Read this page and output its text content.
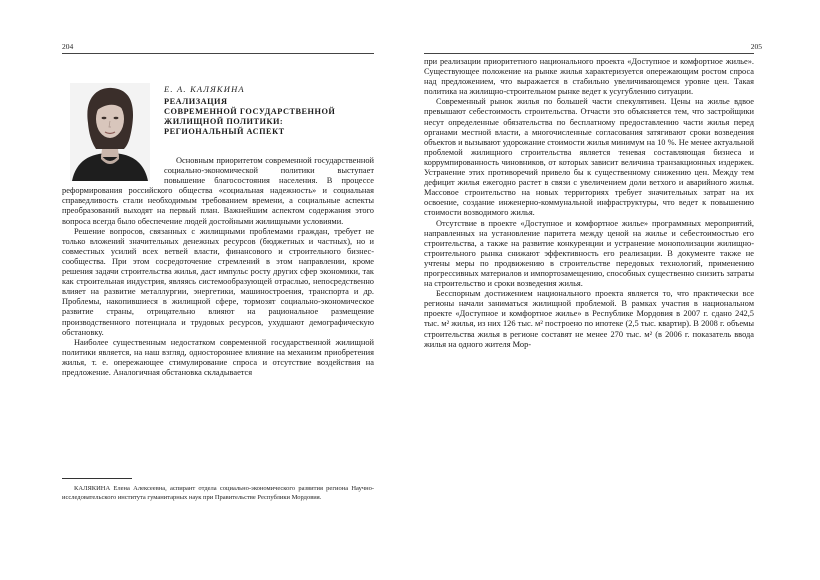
204
Е. А. КАЛЯКИНА
РЕАЛИЗАЦИЯ
СОВРЕМЕННОЙ ГОСУДАРСТВЕННОЙ
ЖИЛИЩНОЙ ПОЛИТИКИ:
РЕГИОНАЛЬНЫЙ АСПЕКТ

Основным приоритетом современной государственной социально-экономической политики выступает повышение благосостояния населения. В процессе реформирования российского общества «социальная надежность» и социальная справедливость стали необходимым требованием времени, а социальные аспекты преобразований выходят на первый план. Важнейшим аспектом содержания этого вопроса всегда было обеспечение людей достойными жилищными условиями.

Решение вопросов, связанных с жилищными проблемами граждан, требует не только вложений значительных денежных ресурсов (бюджетных и частных), но и совместных усилий всех ветвей власти, финансового и строительного бизнес-сообщества. При этом сосредоточение стремлений в этом направлении, кроме решения задачи строительства жилья, даст импульс росту других сфер экономики, так как строительная индустрия, являясь системообразующей отраслью, непосредственно влияет на развитие металлургии, энергетики, машиностроения, транспорта и др. Проблемы, накопившиеся в жилищной сфере, тормозят социально-экономическое развитие страны, отрицательно влияют на рациональное размещение производственного потенциала и трудовых ресурсов, ухудшают демографическую обстановку.

Наиболее существенным недостатком современной государственной жилищной политики является, на наш взгляд, одностороннее влияние на механизм приобретения жилья, т. е. опережающее стимулирование спроса и отсутствие воздействия на предложение. Аналогичная обстановка складывается

КАЛЯКИНА Елена Алексеевна, аспирант отдела социально-экономического развития региона Научно-исследовательского института гуманитарных наук при Правительстве Республики Мордовия.
205

при реализации приоритетного национального проекта «Доступное и комфортное жилье». Существующее положение на рынке жилья характеризуется опережающим ростом спроса над предложением, что выражается в стабильно увеличивающемся уровне цен. Такая политика на жилищно-строительном рынке ведет к усугублению ситуации.

Современный рынок жилья по большей части спекулятивен. Цены на жилье вдвое превышают себестоимость строительства. Отчасти это объясняется тем, что застройщики несут определенные обязательства по бесплатному предоставлению части жилья перед органами местной власти, а многочисленные согласования затягивают сроки возведения объектов и вызывают удорожание стоимости жилья минимум на 10 %. Не менее актуальной проблемой жилищного строительства является теневая составляющая бизнеса и коррумпированность чиновников, от которых зависит величина транзакционных издержек. Устранение этих противоречий привело бы к существенному снижению цен. Между тем дефицит жилья ежегодно растет в связи с увеличением доли ветхого и аварийного жилья. Массовое строительство на новых территориях требует значительных затрат на их освоение, создание инженерно-коммунальной инфраструктуры, что ведет к повышению стоимости возводимого жилья.

Отсутствие в проекте «Доступное и комфортное жилье» программных мероприятий, направленных на установление паритета между ценой на жилье и себестоимостью его строительства, а также на развитие конкуренции и устранение монополизации жилищно-строительного рынка снижают эффективность его реализации. В документе также не учтены меры по продвижению в строительстве передовых технологий, применению прогрессивных материалов и импортозамещению, способных существенно снизить затраты на строительство и сроки возведения жилья.

Бесспорным достижением национального проекта является то, что практически все регионы начали заниматься жилищной проблемой. В рамках участия в национальном проекте «Доступное и комфортное жилье» в Республике Мордовия в 2007 г. сдано 242,5 тыс. м² жилья, из них 126 тыс. м² построено по ипотеке (2,5 тыс. квартир). В 2008 г. объемы строительства жилья в регионе составят не менее 270 тыс. м² (в 2006 г. показатель ввода жилья на одного жителя Мор-
